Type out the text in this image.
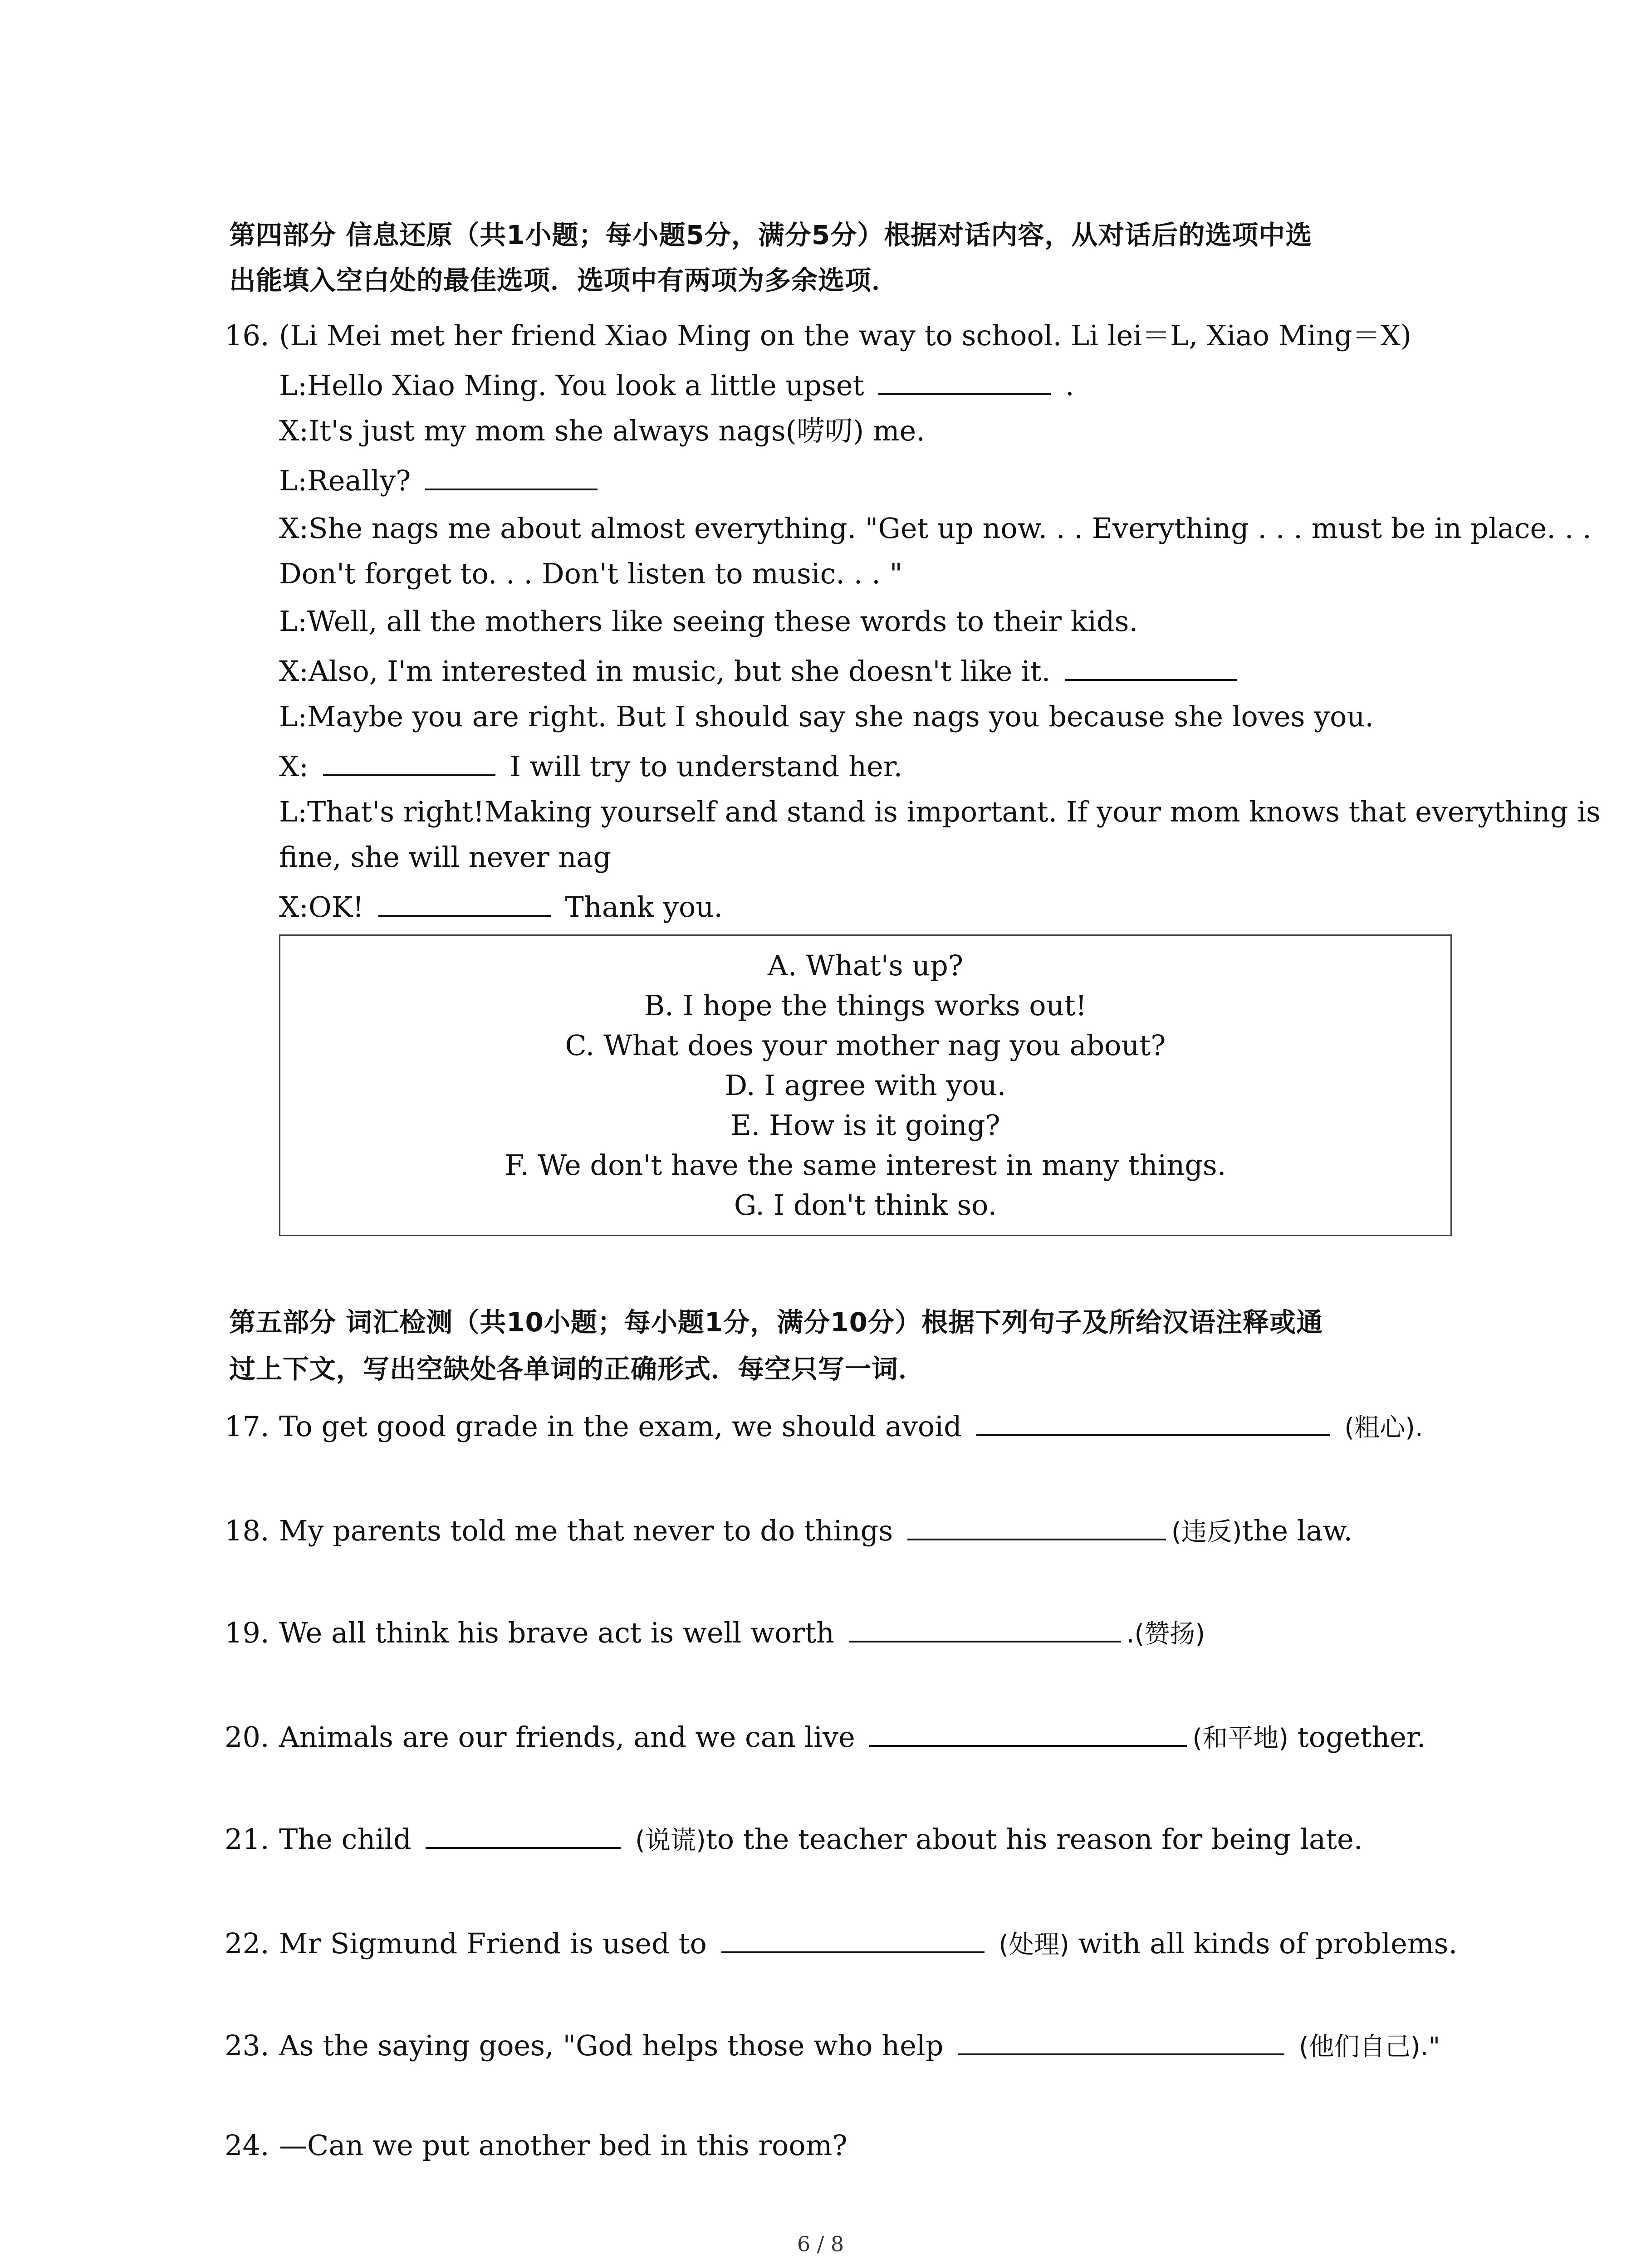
第四部分 信息还原（共1小题；每小题5分，满分5分）根据对话内容，从对话后的选项中选
出能填入空白处的最佳选项．选项中有两项为多余选项．
16. (Li Mei met her friend Xiao Ming on the way to school. Li lei＝L, Xiao Ming＝X)
L:Hello Xiao Ming. You look a little upset	.
X:It's just my mom she always nags(唠叨) me.
L:Really?
X:She nags me about almost everything. "Get up now. . . Everything . . . must be in place. . .
Don't forget to. . . Don't listen to music. . . "
L:Well, all the mothers like seeing these words to their kids.
X:Also, I'm interested in music, but she doesn't like it.
L:Maybe you are right. But I should say she nags you because she loves you.
X:	I will try to understand her.
L:That's right!Making yourself and stand is important. If your mom knows that everything is
fine, she will never nag
X:OK!	Thank you.
A. What's up?
B. I hope the things works out!
C. What does your mother nag you about?
D. I agree with you.
E. How is it going?
F. We don't have the same interest in many things.
G. I don't think so.
第五部分 词汇检测（共10小题；每小题1分，满分10分）根据下列句子及所给汉语注释或通
过上下文，写出空缺处各单词的正确形式．每空只写一词．
17. To get good grade in the exam, we should avoid	(粗心).
18. My parents told me that never to do things	(违反)the law.
19. We all think his brave act is well worth	.(赞扬)
20. Animals are our friends, and we can live	(和平地) together.
21. The child	(说谎)to the teacher about his reason for being late.
22. Mr Sigmund Friend is used to	(处理) with all kinds of problems.
23. As the saying goes, "God helps those who help	(他们自己)."
24. —Can we put another bed in this room?
6 / 8
